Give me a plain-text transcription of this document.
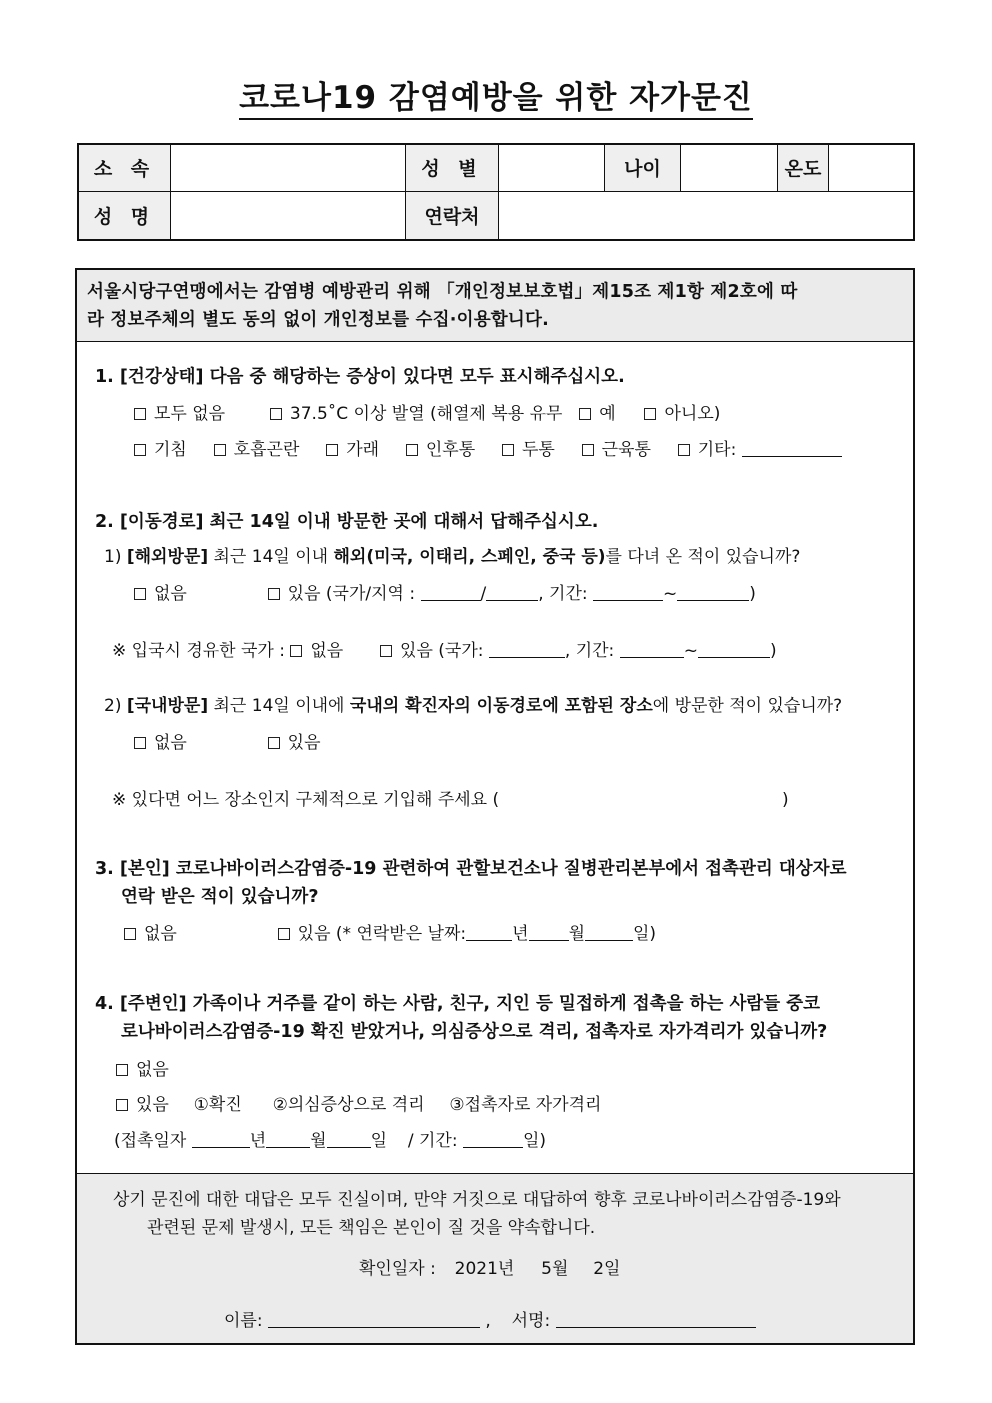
코로나19 감염예방을 위한 자가문진
소 속		성 별		나이		온도	
성 명		연락처					
서울시당구연맹에서는 감염병 예방관리 위해 「개인정보보호법」제15조 제1항 제2호에 따
라 정보주체의 별도 동의 없이 개인정보를 수집·이용합니다.
1. [건강상태] 다음 중 해당하는 증상이 있다면 모두 표시해주십시오.
모두 없음	37.5˚C 이상 발열 (해열제 복용 유무 예	아니오)
기침	호흡곤란	가래	인후통	두통	근육통	기타:
2. [이동경로] 최근 14일 이내 방문한 곳에 대해서 답해주십시오.
1) [해외방문] 최근 14일 이내 해외(미국, 이태리, 스페인, 중국 등)를 다녀 온 적이 있습니까?
없음	있음 (국가/지역 :	/	, 기간:	~	)
※ 입국시 경유한 국가 : 없음	있음 (국가:	, 기간:	~	)
2) [국내방문] 최근 14일 이내에 국내의 확진자의 이동경로에 포함된 장소에 방문한 적이 있습니까?
없음	있음
※ 있다면 어느 장소인지 구체적으로 기입해 주세요 (	)
3. [본인] 코로나바이러스감염증-19 관련하여 관할보건소나 질병관리본부에서 접촉관리 대상자로
연락 받은 적이 있습니까?
없음	있음 (* 연락받은 날짜:	년 월	일)
4. [주변인] 가족이나 거주를 같이 하는 사람, 친구, 지인 등 밀접하게 접촉을 하는 사람들 중코
로나바이러스감염증-19 확진 받았거나, 의심증상으로 격리, 접촉자로 자가격리가 있습니까?
없음
있음 ①확진 ②의심증상으로 격리 ③접촉자로 자가격리
(접촉일자	년	월	일 / 기간:	일)
상기 문진에 대한 대답은 모두 진실이며, 만약 거짓으로 대답하여 향후 코로나바이러스감염증-19와
관련된 문제 발생시, 모든 책임은 본인이 질 것을 약속합니다.
확인일자 : 2021년 5월 2일
이름:	, 서명:
